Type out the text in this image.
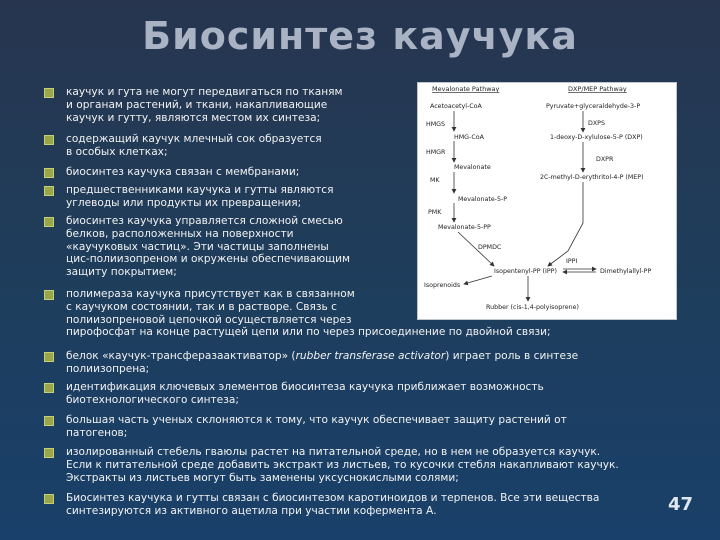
Биосинтез каучука
каучук и гута не могут передвигаться по тканям
и органам растений, и ткани, накапливающие
каучук и гутту, являются местом их синтеза;
содержащий каучук млечный сок образуется
в особых клетках;
биосинтез каучука связан с мембранами;
предшественниками каучука и гутты являются
углеводы или продукты их превращения;
биосинтез каучука управляется сложной смесью
белков, расположенных на поверхности
«каучуковых частиц». Эти частицы заполнены
цис-полиизопреном и окружены обеспечивающим
защиту покрытием;
полимераза каучука присутствует как в связанном
с каучуком состоянии, так и в растворе. Связь с
полиизопреновой цепочкой осуществляется через
пирофосфат на конце растущей цепи или по через присоединение по двойной связи;
белок «каучук-трансферазаактиватор» (rubber transferase activator) играет роль в синтезе
полиизопрена;
идентификация ключевых элементов биосинтеза каучука приближает возможность
биотехнологического синтеза;
большая часть ученых склоняются к тому, что каучук обеспечивает защиту растений от
патогенов;
изолированный стебель гваюлы растет на питательной среде, но в нем не образуется каучук.
Если к питательной среде добавить экстракт из листьев, то кусочки стебля накапливают каучук.
Экстракты из листьев могут быть заменены уксуснокислыми солями;
Биосинтез каучука и гутты связан с биосинтезом каротиноидов и терпенов. Все эти вещества
синтезируются из активного ацетила при участии кофермента А.
Mevalonate Pathway	DXP/MEP Pathway
Acetoacetyl-CoA	Pyruvate+glyceraldehyde-3-P
HMGS	DXPS
HMG-CoA	1-deoxy-D-xylulose-5-P (DXP)
HMGR
DXPR
Mevalonate
MK	2C-methyl-D-erythritol-4-P (MEP)
Mevalonate-5-P
PMK
Mevalonate-5-PP
DPMDC
IPPI
Isopentenyl-PP (IPP)	Dimethylallyl-PP
Isoprenoids
Rubber (cis-1,4-polyisoprene)
47
